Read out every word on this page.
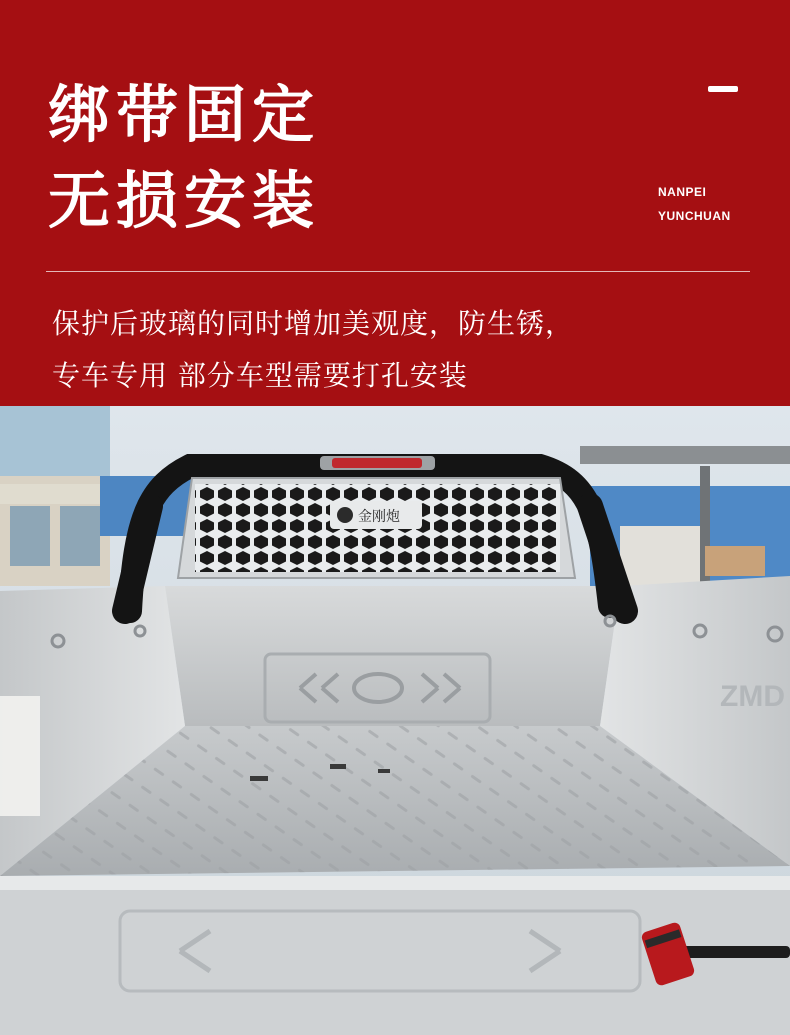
绑带固定
无损安装	NANPEI
YUNCHUAN
保护后玻璃的同时增加美观度，防生锈，
专车专用 部分车型需要打孔安装
ZMD
金刚炮
